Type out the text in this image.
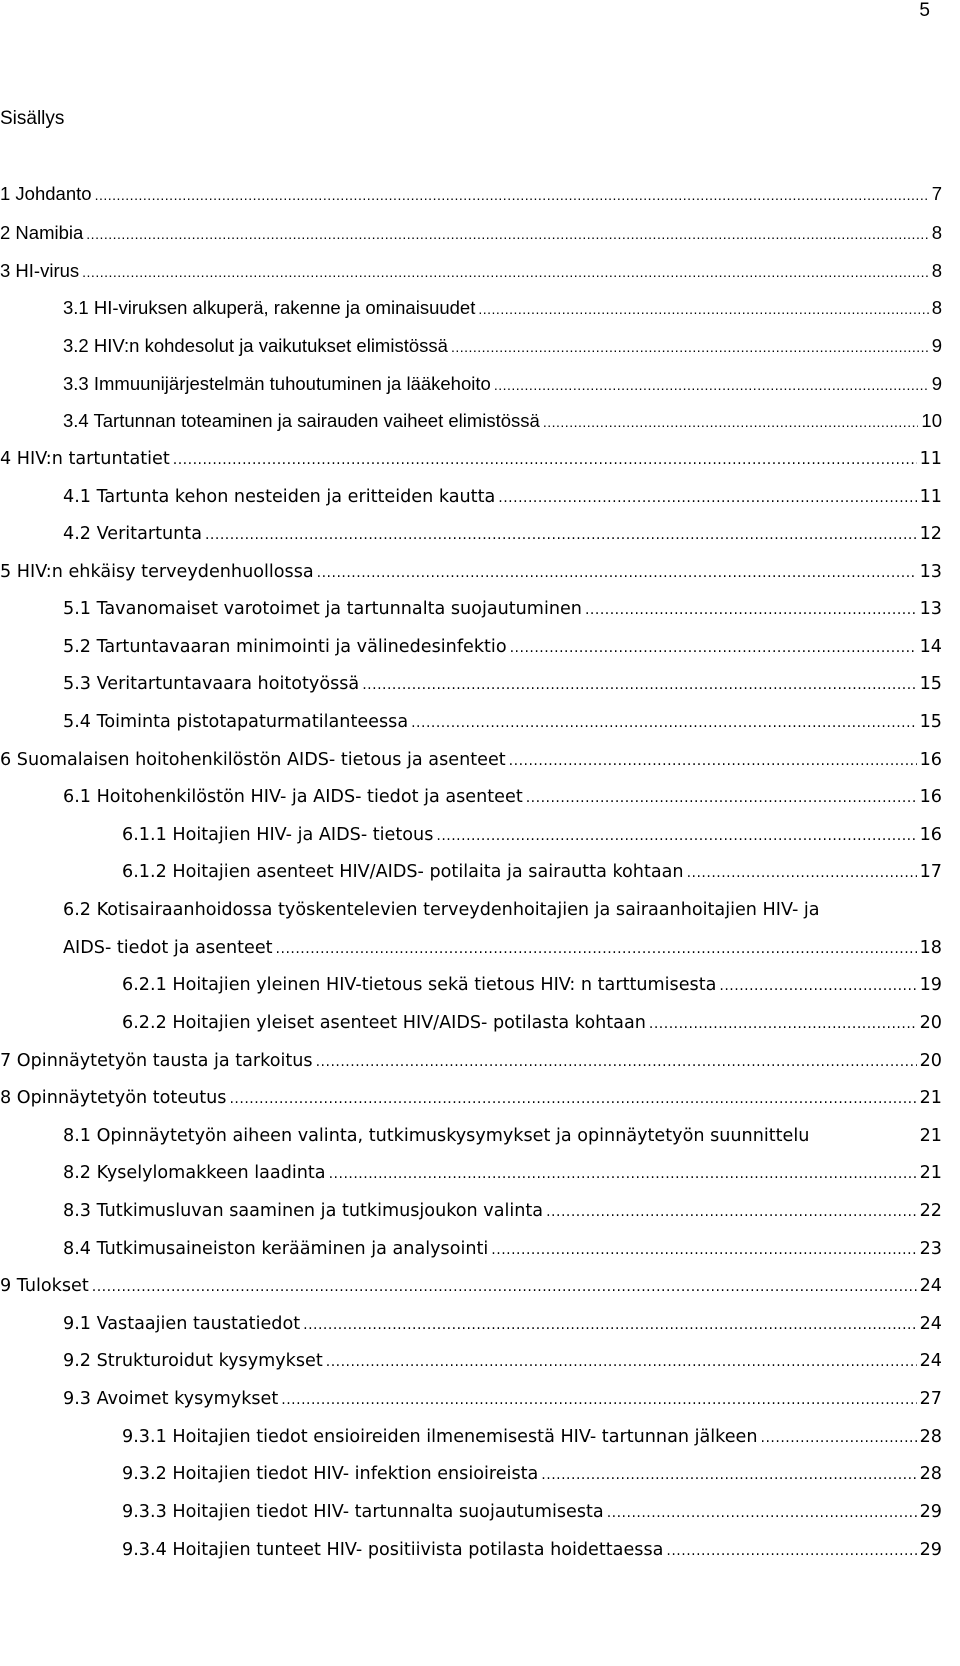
5
Sisällys
1 Johdanto .....	7
2 Namibia .....	8
3 HI-virus .....	8
3.1 HI-viruksen alkuperä, rakenne ja ominaisuudet .....	8
3.2 HIV:n kohdesolut ja vaikutukset elimistössä .....	9
3.3 Immuunijärjestelmän tuhoutuminen ja lääkehoito .....	9
3.4 Tartunnan toteaminen ja sairauden vaiheet elimistössä .....	10
4 HIV:n tartuntatiet .....	11
4.1 Tartunta kehon nesteiden ja eritteiden kautta .....	11
4.2 Veritartunta .....	12
5 HIV:n ehkäisy terveydenhuollossa .....	13
5.1 Tavanomaiset varotoimet ja tartunnalta suojautuminen .....	13
5.2 Tartuntavaaran minimointi ja välinedesinfektio .....	14
5.3 Veritartuntavaara hoitotyössä .....	15
5.4 Toiminta pistotapaturmatilanteessa .....	15
6 Suomalaisen hoitohenkilöstön AIDS- tietous ja asenteet .....	16
6.1 Hoitohenkilöstön HIV- ja AIDS- tiedot ja asenteet .....	16
6.1.1 Hoitajien HIV- ja AIDS- tietous .....	16
6.1.2 Hoitajien asenteet HIV/AIDS- potilaita ja sairautta kohtaan .....	17
6.2 Kotisairaanhoidossa työskentelevien terveydenhoitajien ja sairaanhoitajien HIV- ja
AIDS- tiedot ja asenteet .....	18
6.2.1 Hoitajien yleinen HIV-tietous sekä tietous HIV: n tarttumisesta .....	19
6.2.2 Hoitajien yleiset asenteet HIV/AIDS- potilasta kohtaan .....	20
7 Opinnäytetyön tausta ja tarkoitus .....	20
8 Opinnäytetyön toteutus .....	21
8.1 Opinnäytetyön aiheen valinta, tutkimuskysymykset ja opinnäytetyön suunnittelu	21
8.2 Kyselylomakkeen laadinta .....	21
8.3 Tutkimusluvan saaminen ja tutkimusjoukon valinta .....	22
8.4 Tutkimusaineiston kerääminen ja analysointi .....	23
9 Tulokset .....	24
9.1 Vastaajien taustatiedot .....	24
9.2 Strukturoidut kysymykset .....	24
9.3 Avoimet kysymykset .....	27
9.3.1 Hoitajien tiedot ensioireiden ilmenemisestä HIV- tartunnan jälkeen .....	28
9.3.2 Hoitajien tiedot HIV- infektion ensioireista .....	28
9.3.3 Hoitajien tiedot HIV- tartunnalta suojautumisesta .....	29
9.3.4 Hoitajien tunteet HIV- positiivista potilasta hoidettaessa .....	29
